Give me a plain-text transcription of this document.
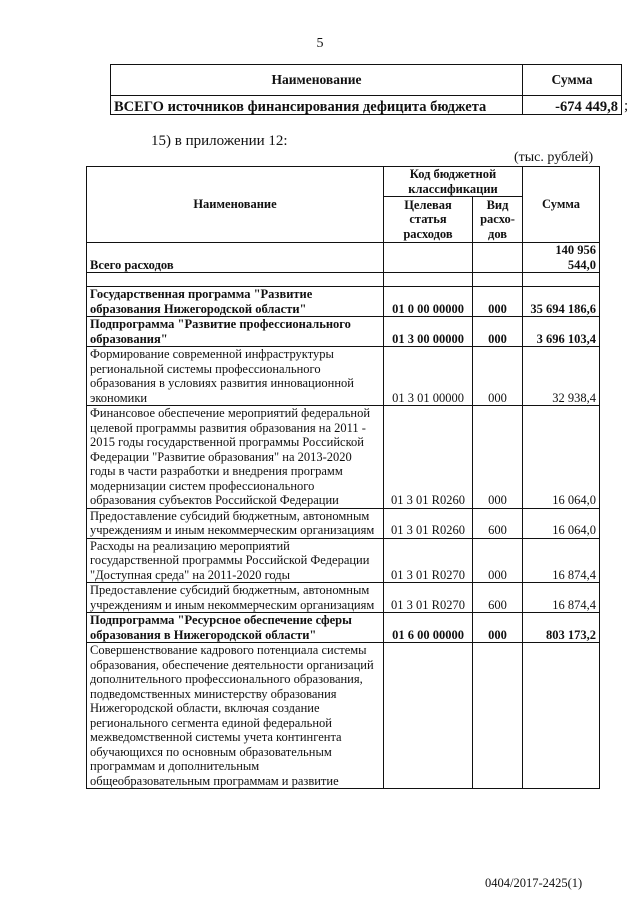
5
Наименование	Сумма
ВСЕГО источников финансирования дефицита бюджета	-674 449,8 ;
15) в приложении 12:
(тыс. рублей)
Наименование	Код бюджетной классификации		Сумма
	Целевая статья расходов	Вид расхо-дов	
Всего расходов			140 956 544,0

Государственная программа "Развитие образования Нижегородской области"	01 0 00 00000	000	35 694 186,6
Подпрограмма "Развитие профессионального образования"	01 3 00 00000	000	3 696 103,4
Формирование современной инфраструктуры региональной системы профессионального образования в условиях развития инновационной экономики	01 3 01 00000	000	32 938,4
Финансовое обеспечение мероприятий федеральной целевой программы развития образования на 2011 - 2015 годы государственной программы Российской Федерации "Развитие образования" на 2013-2020 годы в части разработки и внедрения программ модернизации систем профессионального образования субъектов Российской Федерации	01 3 01 R0260	000	16 064,0
Предоставление субсидий бюджетным, автономным учреждениям и иным некоммерческим организациям	01 3 01 R0260	600	16 064,0
Расходы на реализацию мероприятий государственной программы Российской Федерации "Доступная среда" на 2011-2020 годы	01 3 01 R0270	000	16 874,4
Предоставление субсидий бюджетным, автономным учреждениям и иным некоммерческим организациям	01 3 01 R0270	600	16 874,4
Подпрограмма "Ресурсное обеспечение сферы образования в Нижегородской области"	01 6 00 00000	000	803 173,2
Совершенствование кадрового потенциала системы образования, обеспечение деятельности организаций дополнительного профессионального образования, подведомственных министерству образования Нижегородской области, включая создание регионального сегмента единой федеральной межведомственной системы учета контингента обучающихся по основным образовательным программам и дополнительным общеобразовательным программам и развитие			
0404/2017-2425(1)
